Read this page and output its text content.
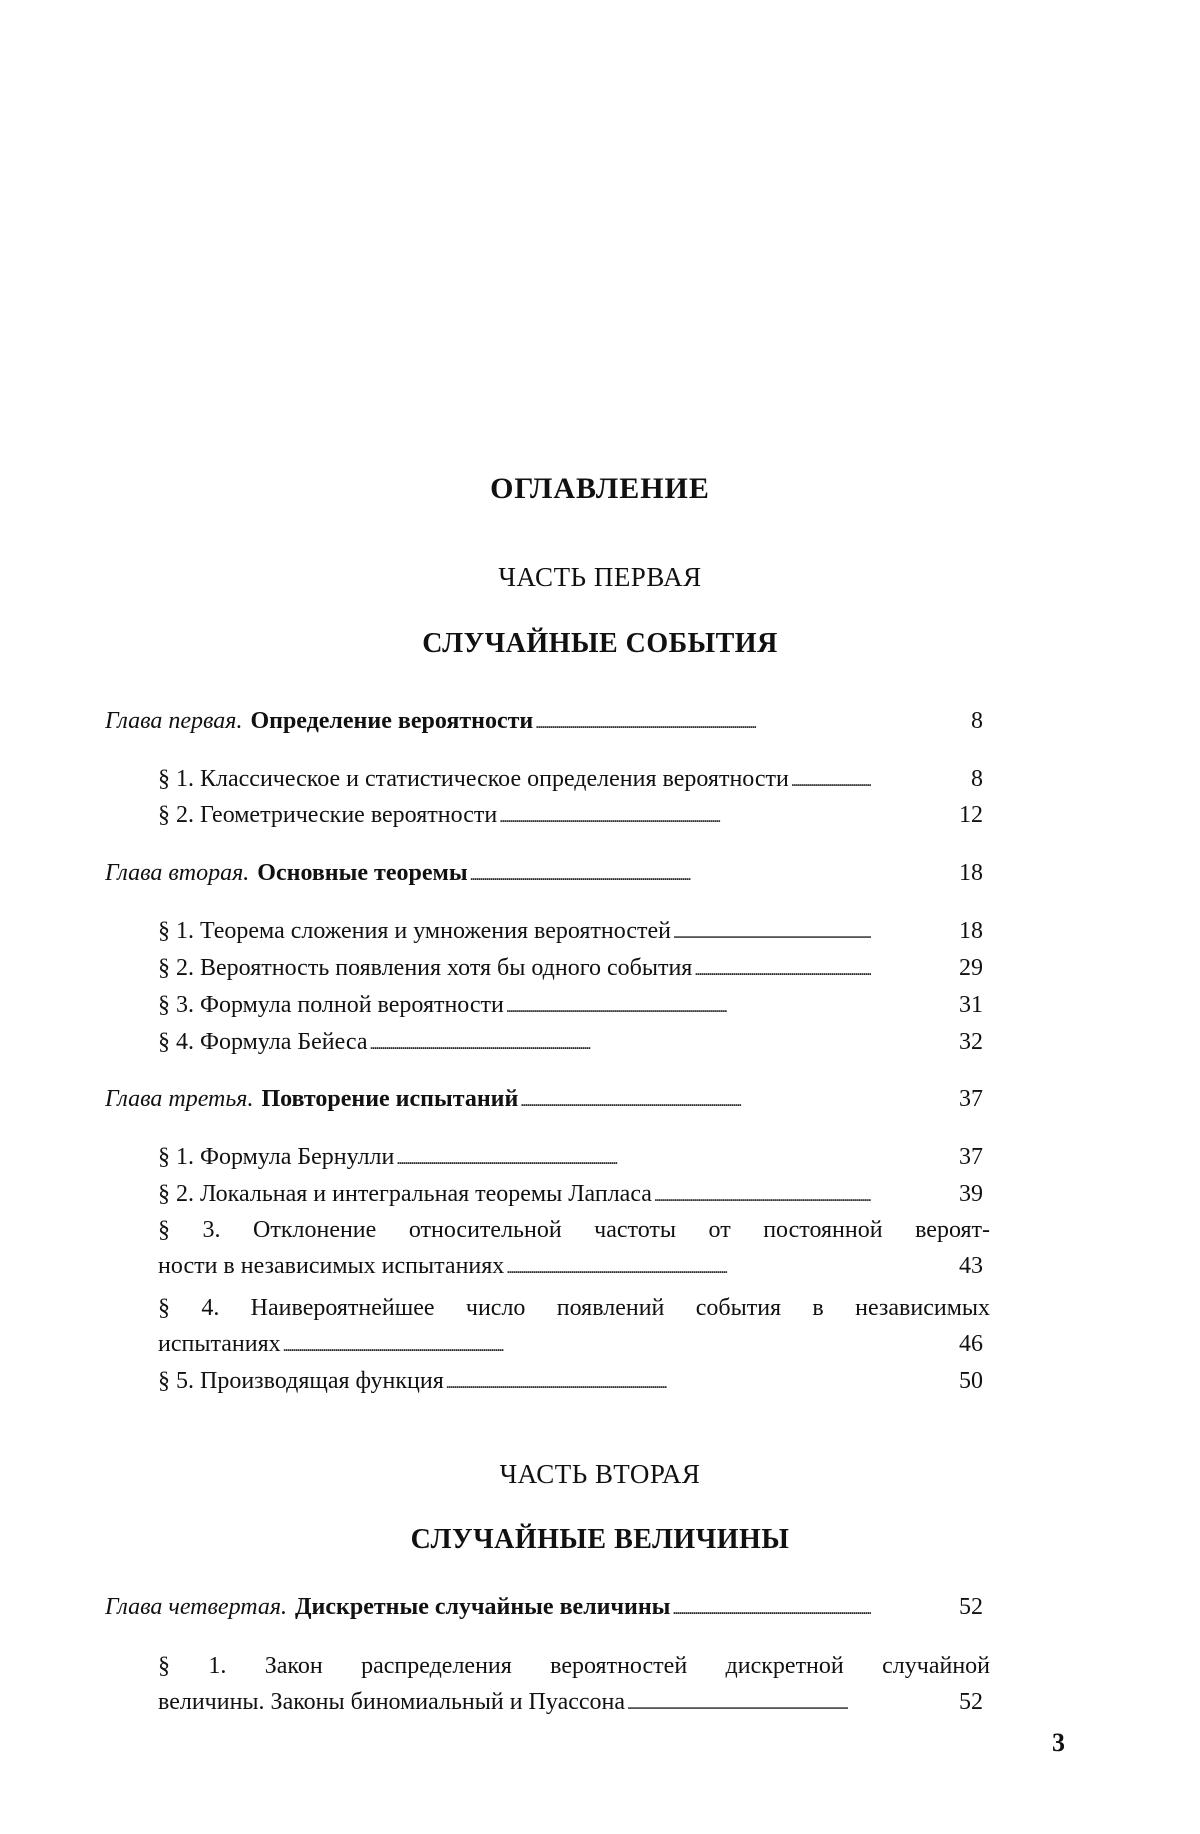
ОГЛАВЛЕНИЕ
ЧАСТЬ ПЕРВАЯ
СЛУЧАЙНЫЕ СОБЫТИЯ
Глава первая. Определение вероятности . . .	8
§ 1. Классическое и статистическое определения вероятности . . .	8
§ 2. Геометрические вероятности . . .	12
Глава вторая. Основные теоремы . . .	18
§ 1. Теорема сложения и умножения вероятностей . . .	18
§ 2. Вероятность появления хотя бы одного события . . .	29
§ 3. Формула полной вероятности . . .	31
§ 4. Формула Бейеса . . .	32
Глава третья. Повторение испытаний . . .	37
§ 1. Формула Бернулли . . .	37
§ 2. Локальная и интегральная теоремы Лапласа . . .	39
§ 3. Отклонение относительной частоты от постоянной вероят-
ности в независимых испытаниях . . .	43
§ 4. Наивероятнейшее число появлений события в независимых
испытаниях . . .	46
§ 5. Производящая функция . . .	50
ЧАСТЬ ВТОРАЯ
СЛУЧАЙНЫЕ ВЕЛИЧИНЫ
Глава четвертая. Дискретные случайные величины . . .	52
§ 1. Закон распределения вероятностей дискретной случайной
величины. Законы биномиальный и Пуассона . . .	52
3
